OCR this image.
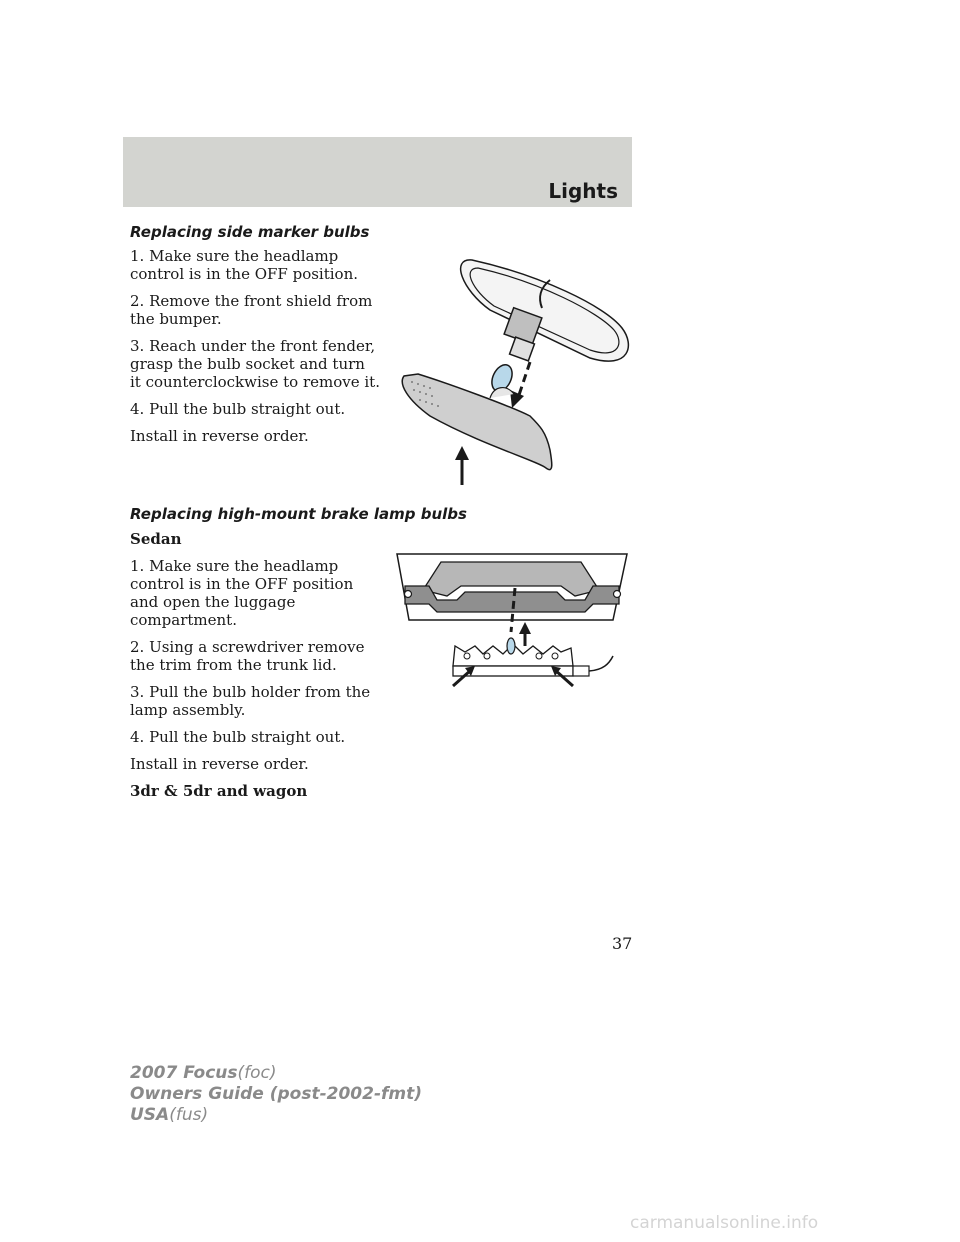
Lights
Replacing side marker bulbs

1. Make sure the headlamp control is in the OFF position.

2. Remove the front shield from the bumper.

3. Reach under the front fender, grasp the bulb socket and turn it counterclockwise to remove it.

4. Pull the bulb straight out.

Install in reverse order.

Replacing high-mount brake lamp bulbs

Sedan

1. Make sure the headlamp control is in the OFF position and open the luggage compartment.

2. Using a screwdriver remove the trim from the trunk lid.

3. Pull the bulb holder from the lamp assembly.

4. Pull the bulb straight out.

Install in reverse order.

3dr & 5dr and wagon

37
2007 Focus(foc)
Owners Guide (post-2002-fmt)
USA(fus)
carmanualsonline.info
